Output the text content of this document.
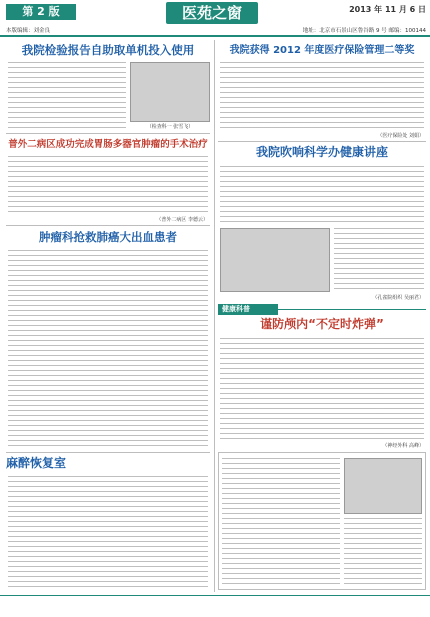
第 2 版	医苑之窗	2013 年 11 月 6 日
本版编辑：刘金良	地址：北京市石景山区鲁谷路 9 号 邮编：100144
我院检验报告自助取单机投入使用
（检查科一 张雪飞）
普外二病区成功完成胃肠多器官肿瘤的手术治疗
（普外二病区 李德云）
肿瘤科抢救肺癌大出血患者
麻醉恢复室
我院获得 2012 年度医疗保险管理二等奖
（医疗保险处 刘娟）
我院吹响科学办健康讲座
（孔雀院组织 吴丽君）
健康科普
谨防颅内“不定时炸弹”
（神经外科 高峰）
